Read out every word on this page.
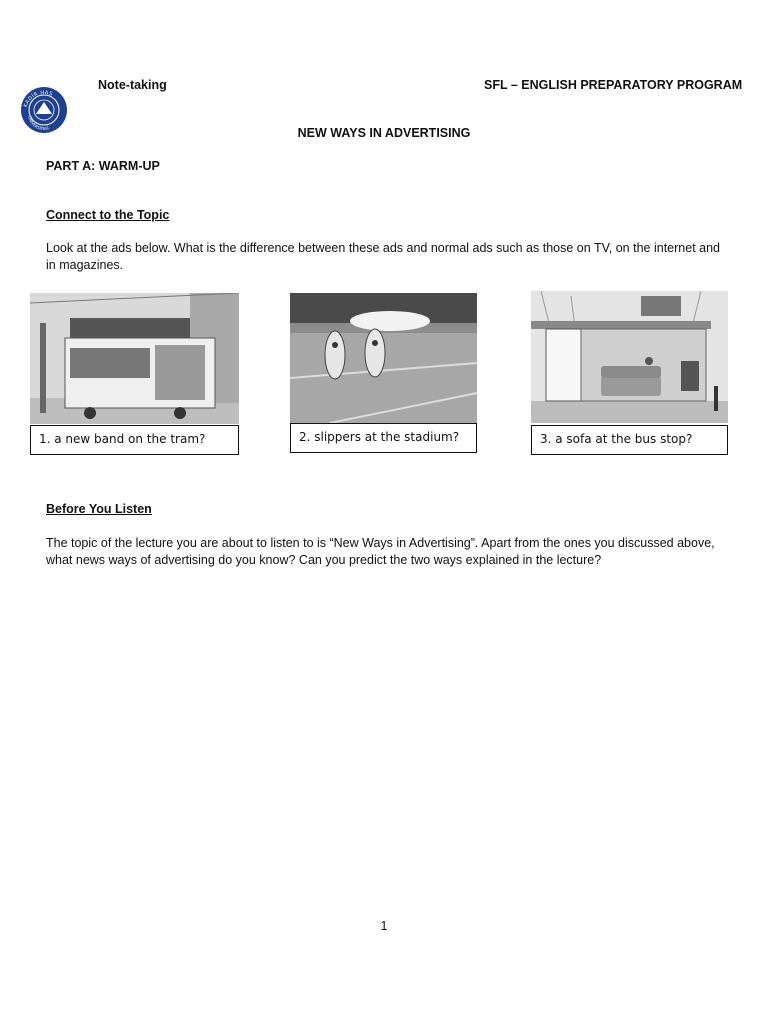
KADİR HAS
ÜNİVERSİTESİ
Note-taking	SFL – ENGLISH PREPARATORY PROGRAM
NEW WAYS IN ADVERTISING
PART A: WARM-UP
Connect to the Topic
Look at the ads below. What is the difference between these ads and normal ads such as those on TV, on the internet and in magazines.
1. a new band on the tram?	2. slippers at the stadium?	3. a sofa at the bus stop?
Before You Listen
The topic of the lecture you are about to listen to is “New Ways in Advertising”. Apart from the ones you discussed above, what news ways of advertising do you know? Can you predict the two ways explained in the lecture?
1
